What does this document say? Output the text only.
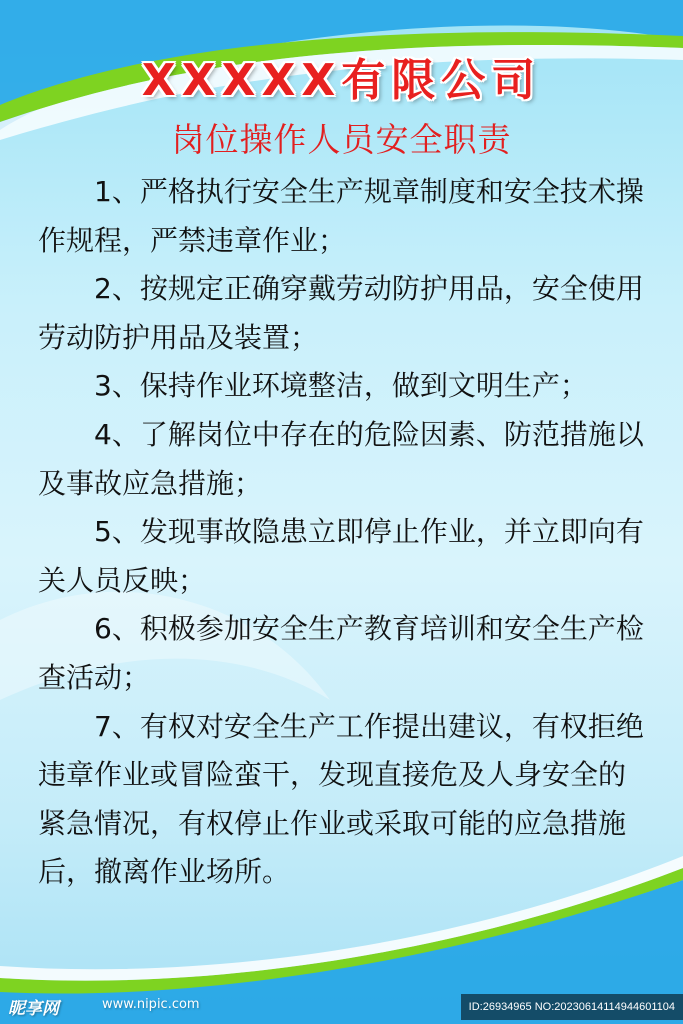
XXXXX有限公司
岗位操作人员安全职责

1、严格执行安全生产规章制度和安全技术操作规程，严禁违章作业；

2、按规定正确穿戴劳动防护用品，安全使用劳动防护用品及装置；

3、保持作业环境整洁，做到文明生产；

4、了解岗位中存在的危险因素、防范措施以及事故应急措施；

5、发现事故隐患立即停止作业，并立即向有关人员反映；

6、积极参加安全生产教育培训和安全生产检查活动；

7、有权对安全生产工作提出建议，有权拒绝违章作业或冒险蛮干，发现直接危及人身安全的紧急情况，有权停止作业或采取可能的应急措施后，撤离作业场所。

昵享网	www.nipic.com	ID:26934965 NO:20230614114944601104
